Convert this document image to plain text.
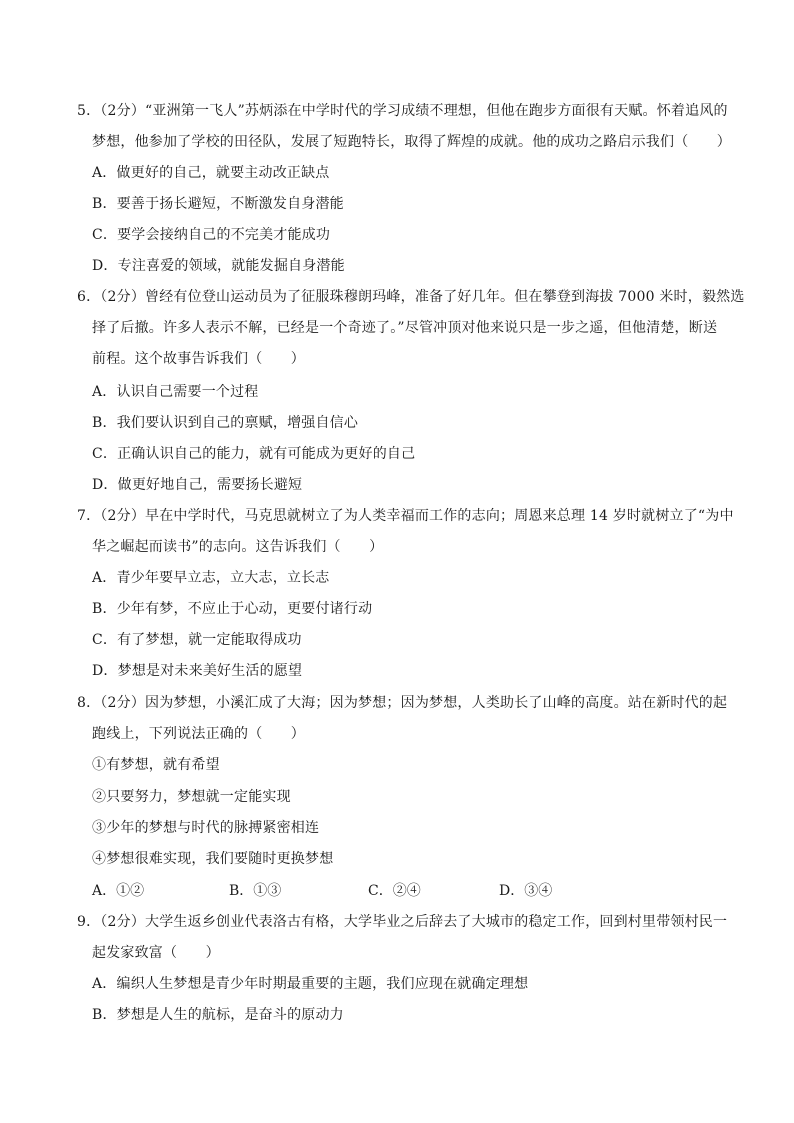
5．（2分）“亚洲第一飞人”苏炳添在中学时代的学习成绩不理想，但他在跑步方面很有天赋。怀着追风的
梦想，他参加了学校的田径队，发展了短跑特长，取得了辉煌的成就。他的成功之路启示我们（　　）
A．做更好的自己，就要主动改正缺点
B．要善于扬长避短，不断激发自身潜能
C．要学会接纳自己的不完美才能成功
D．专注喜爱的领域，就能发掘自身潜能
6．（2分）曾经有位登山运动员为了征服珠穆朗玛峰，准备了好几年。但在攀登到海拔 7000 米时，毅然选
择了后撤。许多人表示不解，已经是一个奇迹了。”尽管冲顶对他来说只是一步之遥，但他清楚，断送
前程。这个故事告诉我们（　　）
A．认识自己需要一个过程
B．我们要认识到自己的禀赋，增强自信心
C．正确认识自己的能力，就有可能成为更好的自己
D．做更好地自己，需要扬长避短
7．（2分）早在中学时代，马克思就树立了为人类幸福而工作的志向；周恩来总理 14 岁时就树立了“为中
华之崛起而读书”的志向。这告诉我们（　　）
A．青少年要早立志，立大志，立长志
B．少年有梦，不应止于心动，更要付诸行动
C．有了梦想，就一定能取得成功
D．梦想是对未来美好生活的愿望
8．（2分）因为梦想，小溪汇成了大海；因为梦想；因为梦想，人类助长了山峰的高度。站在新时代的起
跑线上，下列说法正确的（　　）
①有梦想，就有希望
②只要努力，梦想就一定能实现
③少年的梦想与时代的脉搏紧密相连
④梦想很难实现，我们要随时更换梦想
A．①②	B．①③	C．②④	D．③④
9．（2分）大学生返乡创业代表洛古有格，大学毕业之后辞去了大城市的稳定工作，回到村里带领村民一
起发家致富（　　）
A．编织人生梦想是青少年时期最重要的主题，我们应现在就确定理想
B．梦想是人生的航标，是奋斗的原动力
